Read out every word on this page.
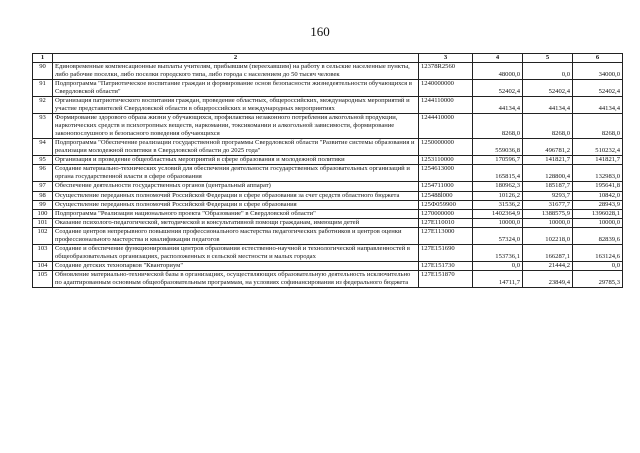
160
1	2	3	4	5	6
90	Единовременные компенсационные выплаты учителям, прибывшим (переехавшим) на работу в сельские населенные пункты, либо рабочие поселки, либо поселки городского типа, либо города с населением до 50 тысяч человек	12378R2560	48000,0	0,0	34000,0
91	Подпрограмма "Патриотическое воспитание граждан и формирование основ безопасности жизнедеятельности обучающихся в Свердловской области"	1240000000	52402,4	52402,4	52402,4
92	Организация патриотического воспитания граждан, проведение областных, общероссийских, международных мероприятий и участие представителей Свердловской области в общероссийских и международных мероприятиях	1244110000	44134,4	44134,4	44134,4
93	Формирование здорового образа жизни у обучающихся, профилактика незаконного потребления алкогольной продукции, наркотических средств и психотропных веществ, наркомании, токсикомании и алкогольной зависимости, формирование законопослушного и безопасного поведения обучающихся	1244410000	8268,0	8268,0	8268,0
94	Подпрограмма "Обеспечение реализации государственной программы Свердловской области "Развитие системы образования и реализация молодежной политики в Свердловской области до 2025 года"	1250000000	559036,8	496781,2	510232,4
95	Организация и проведение общеобластных мероприятий в сфере образования и молодежной политики	1253110000	170596,7	141821,7	141821,7
96	Создание материально-технических условий для обеспечения деятельности государственных образовательных организаций и органа государственной власти в сфере образования	1254613000	165815,4	128800,4	132983,0
97	Обеспечение деятельности государственных органов (центральный аппарат)	1254711000	180962,3	185187,7	195641,8
98	Осуществление переданных полномочий Российской Федерации в сфере образования за счет средств областного бюджета	125488l000	10126,2	9293,7	10842,0
99	Осуществление переданных полномочий Российской Федерации в сфере образования	125Ф059900	31536,2	31677,7	28943,9
100	Подпрограмма "Реализация национального проекта "Образование" в Свердловской области"	1270000000	1402364,9	1388575,9	1396028,1
101	Оказание психолого-педагогической, методической и консультативной помощи гражданам, имеющим детей	127E110010	10000,0	10000,0	10000,0
102	Создание центров непрерывного повышения профессионального мастерства педагогических работников и центров оценки профессионального мастерства и квалификации педагогов	127E113000	57324,0	102218,0	82839,6
103	Создание и обеспечение функционирования центров образования естественно-научной и технологической направленностей в общеобразовательных организациях, расположенных в сельской местности и малых городах	127E151690	153736,1	166287,1	163124,6
104	Создание детских технопарков "Кванториум"	127E151730	0,0	21444,2	0,0
105	Обновление материально-технической базы в организациях, осуществляющих образовательную деятельность исключительно по адаптированным основным общеобразовательным программам, на условиях софинансирования из федерального бюджета	127E151870	14711,7	23849,4	29785,3
